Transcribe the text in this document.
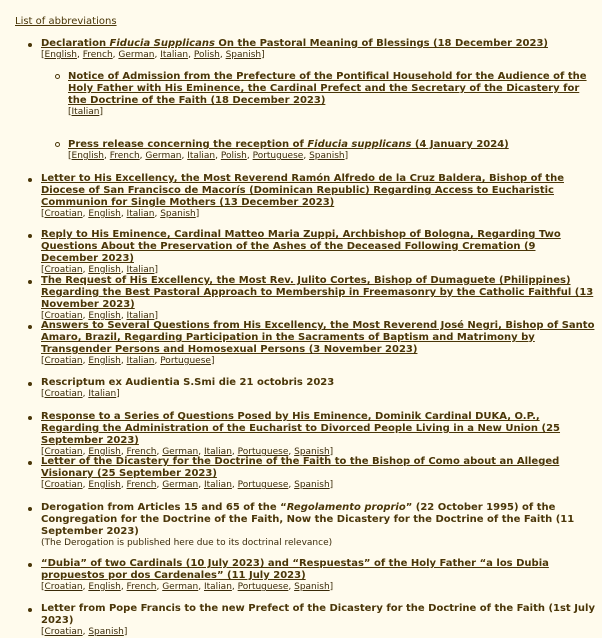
List of abbreviations
Declaration Fiducia Supplicans On the Pastoral Meaning of Blessings (18 December 2023)
[English, French, German, Italian, Polish, Spanish]
Notice of Admission from the Prefecture of the Pontifical Household for the Audience of the Holy Father with His Eminence, the Cardinal Prefect and the Secretary of the Dicastery for the Doctrine of the Faith (18 December 2023)
[Italian]
Press release concerning the reception of Fiducia supplicans (4 January 2024)
[English, French, German, Italian, Polish, Portuguese, Spanish]
Letter to His Excellency, the Most Reverend Ramón Alfredo de la Cruz Baldera, Bishop of the Diocese of San Francisco de Macorís (Dominican Republic) Regarding Access to Eucharistic Communion for Single Mothers (13 December 2023)
[Croatian, English, Italian, Spanish]
Reply to His Eminence, Cardinal Matteo Maria Zuppi, Archbishop of Bologna, Regarding Two Questions About the Preservation of the Ashes of the Deceased Following Cremation (9 December 2023)
[Croatian, English, Italian]
The Request of His Excellency, the Most Rev. Julito Cortes, Bishop of Dumaguete (Philippines) Regarding the Best Pastoral Approach to Membership in Freemasonry by the Catholic Faithful (13 November 2023)
[Croatian, English, Italian]
Answers to Several Questions from His Excellency, the Most Reverend José Negri, Bishop of Santo Amaro, Brazil, Regarding Participation in the Sacraments of Baptism and Matrimony by Transgender Persons and Homosexual Persons (3 November 2023)
[Croatian, English, Italian, Portuguese]
Rescriptum ex Audientia S.Smi die 21 octobris 2023
[Croatian, Italian]
Response to a Series of Questions Posed by His Eminence, Dominik Cardinal DUKA, O.P., Regarding the Administration of the Eucharist to Divorced People Living in a New Union (25 September 2023)
[Croatian, English, French, German, Italian, Portuguese, Spanish]
Letter of the Dicastery for the Doctrine of the Faith to the Bishop of Como about an Alleged Visionary (25 September 2023)
[Croatian, English, French, German, Italian, Portuguese, Spanish]
Derogation from Articles 15 and 65 of the “Regolamento proprio” (22 October 1995) of the Congregation for the Doctrine of the Faith, Now the Dicastery for the Doctrine of the Faith (11 September 2023)
(The Derogation is published here due to its doctrinal relevance)
“Dubia” of two Cardinals (10 July 2023) and “Respuestas” of the Holy Father “a los Dubia propuestos por dos Cardenales” (11 July 2023)
[Croatian, English, French, German, Italian, Portuguese, Spanish]
Letter from Pope Francis to the new Prefect of the Dicastery for the Doctrine of the Faith (1st July 2023)
[Croatian, Spanish]
